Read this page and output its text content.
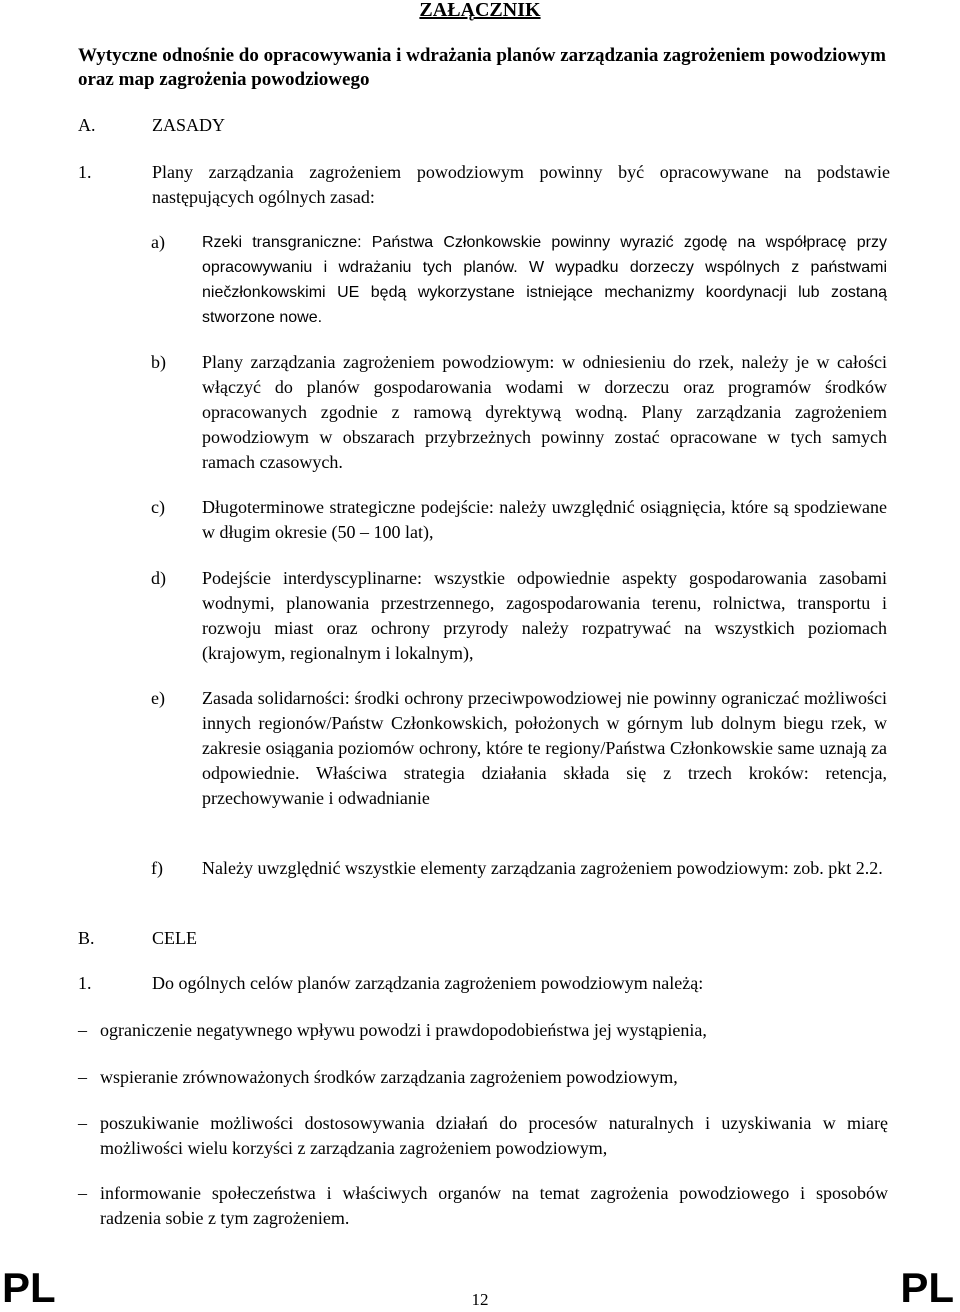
ZAŁĄCZNIK
Wytyczne odnośnie do opracowywania i wdrażania planów zarządzania zagrożeniem powodziowym oraz map zagrożenia powodziowego
A.	ZASADY
1.	Plany zarządzania zagrożeniem powodziowym powinny być opracowywane na podstawie następujących ogólnych zasad:
a) Rzeki transgraniczne: Państwa Członkowskie powinny wyrazić zgodę na współpracę przy opracowywaniu i wdrażaniu tych planów. W wypadku dorzeczy wspólnych z państwami niečzłonkowskimi UE będą wykorzystane istniejące mechanizmy koordynacji lub zostaną stworzone nowe.
b) Plany zarządzania zagrożeniem powodziowym: w odniesieniu do rzek, należy je w całości włączyć do planów gospodarowania wodami w dorzeczu oraz programów środków opracowanych zgodnie z ramową dyrektywą wodną. Plany zarządzania zagrożeniem powodziowym w obszarach przybrzeżnych powinny zostać opracowane w tych samych ramach czasowych.
c) Długoterminowe strategiczne podejście: należy uwzględnić osiągnięcia, które są spodziewane w długim okresie (50 – 100 lat),
d) Podejście interdyscyplinarne: wszystkie odpowiednie aspekty gospodarowania zasobami wodnymi, planowania przestrzennego, zagospodarowania terenu, rolnictwa, transportu i rozwoju miast oraz ochrony przyrody należy rozpatrywać na wszystkich poziomach (krajowym, regionalnym i lokalnym),
e) Zasada solidarności: środki ochrony przeciwpowodziowej nie powinny ograniczać możliwości innych regionów/Państw Członkowskich, położonych w górnym lub dolnym biegu rzek, w zakresie osiągania poziomów ochrony, które te regiony/Państwa Członkowskie same uznają za odpowiednie. Właściwa strategia działania składa się z trzech kroków: retencja, przechowywanie i odwadnianie
f) Należy uwzględnić wszystkie elementy zarządzania zagrożeniem powodziowym: zob. pkt 2.2.
B.	CELE
1.	Do ogólnych celów planów zarządzania zagrożeniem powodziowym należą:
– ograniczenie negatywnego wpływu powodzi i prawdopodobieństwa jej wystąpienia,
– wspieranie zrównoważonych środków zarządzania zagrożeniem powodziowym,
– poszukiwanie możliwości dostosowywania działań do procesów naturalnych i uzyskiwania w miarę możliwości wielu korzyści z zarządzania zagrożeniem powodziowym,
– informowanie społeczeństwa i właściwych organów na temat zagrożenia powodziowego i sposobów radzenia sobie z tym zagrożeniem.
PL	12	PL
